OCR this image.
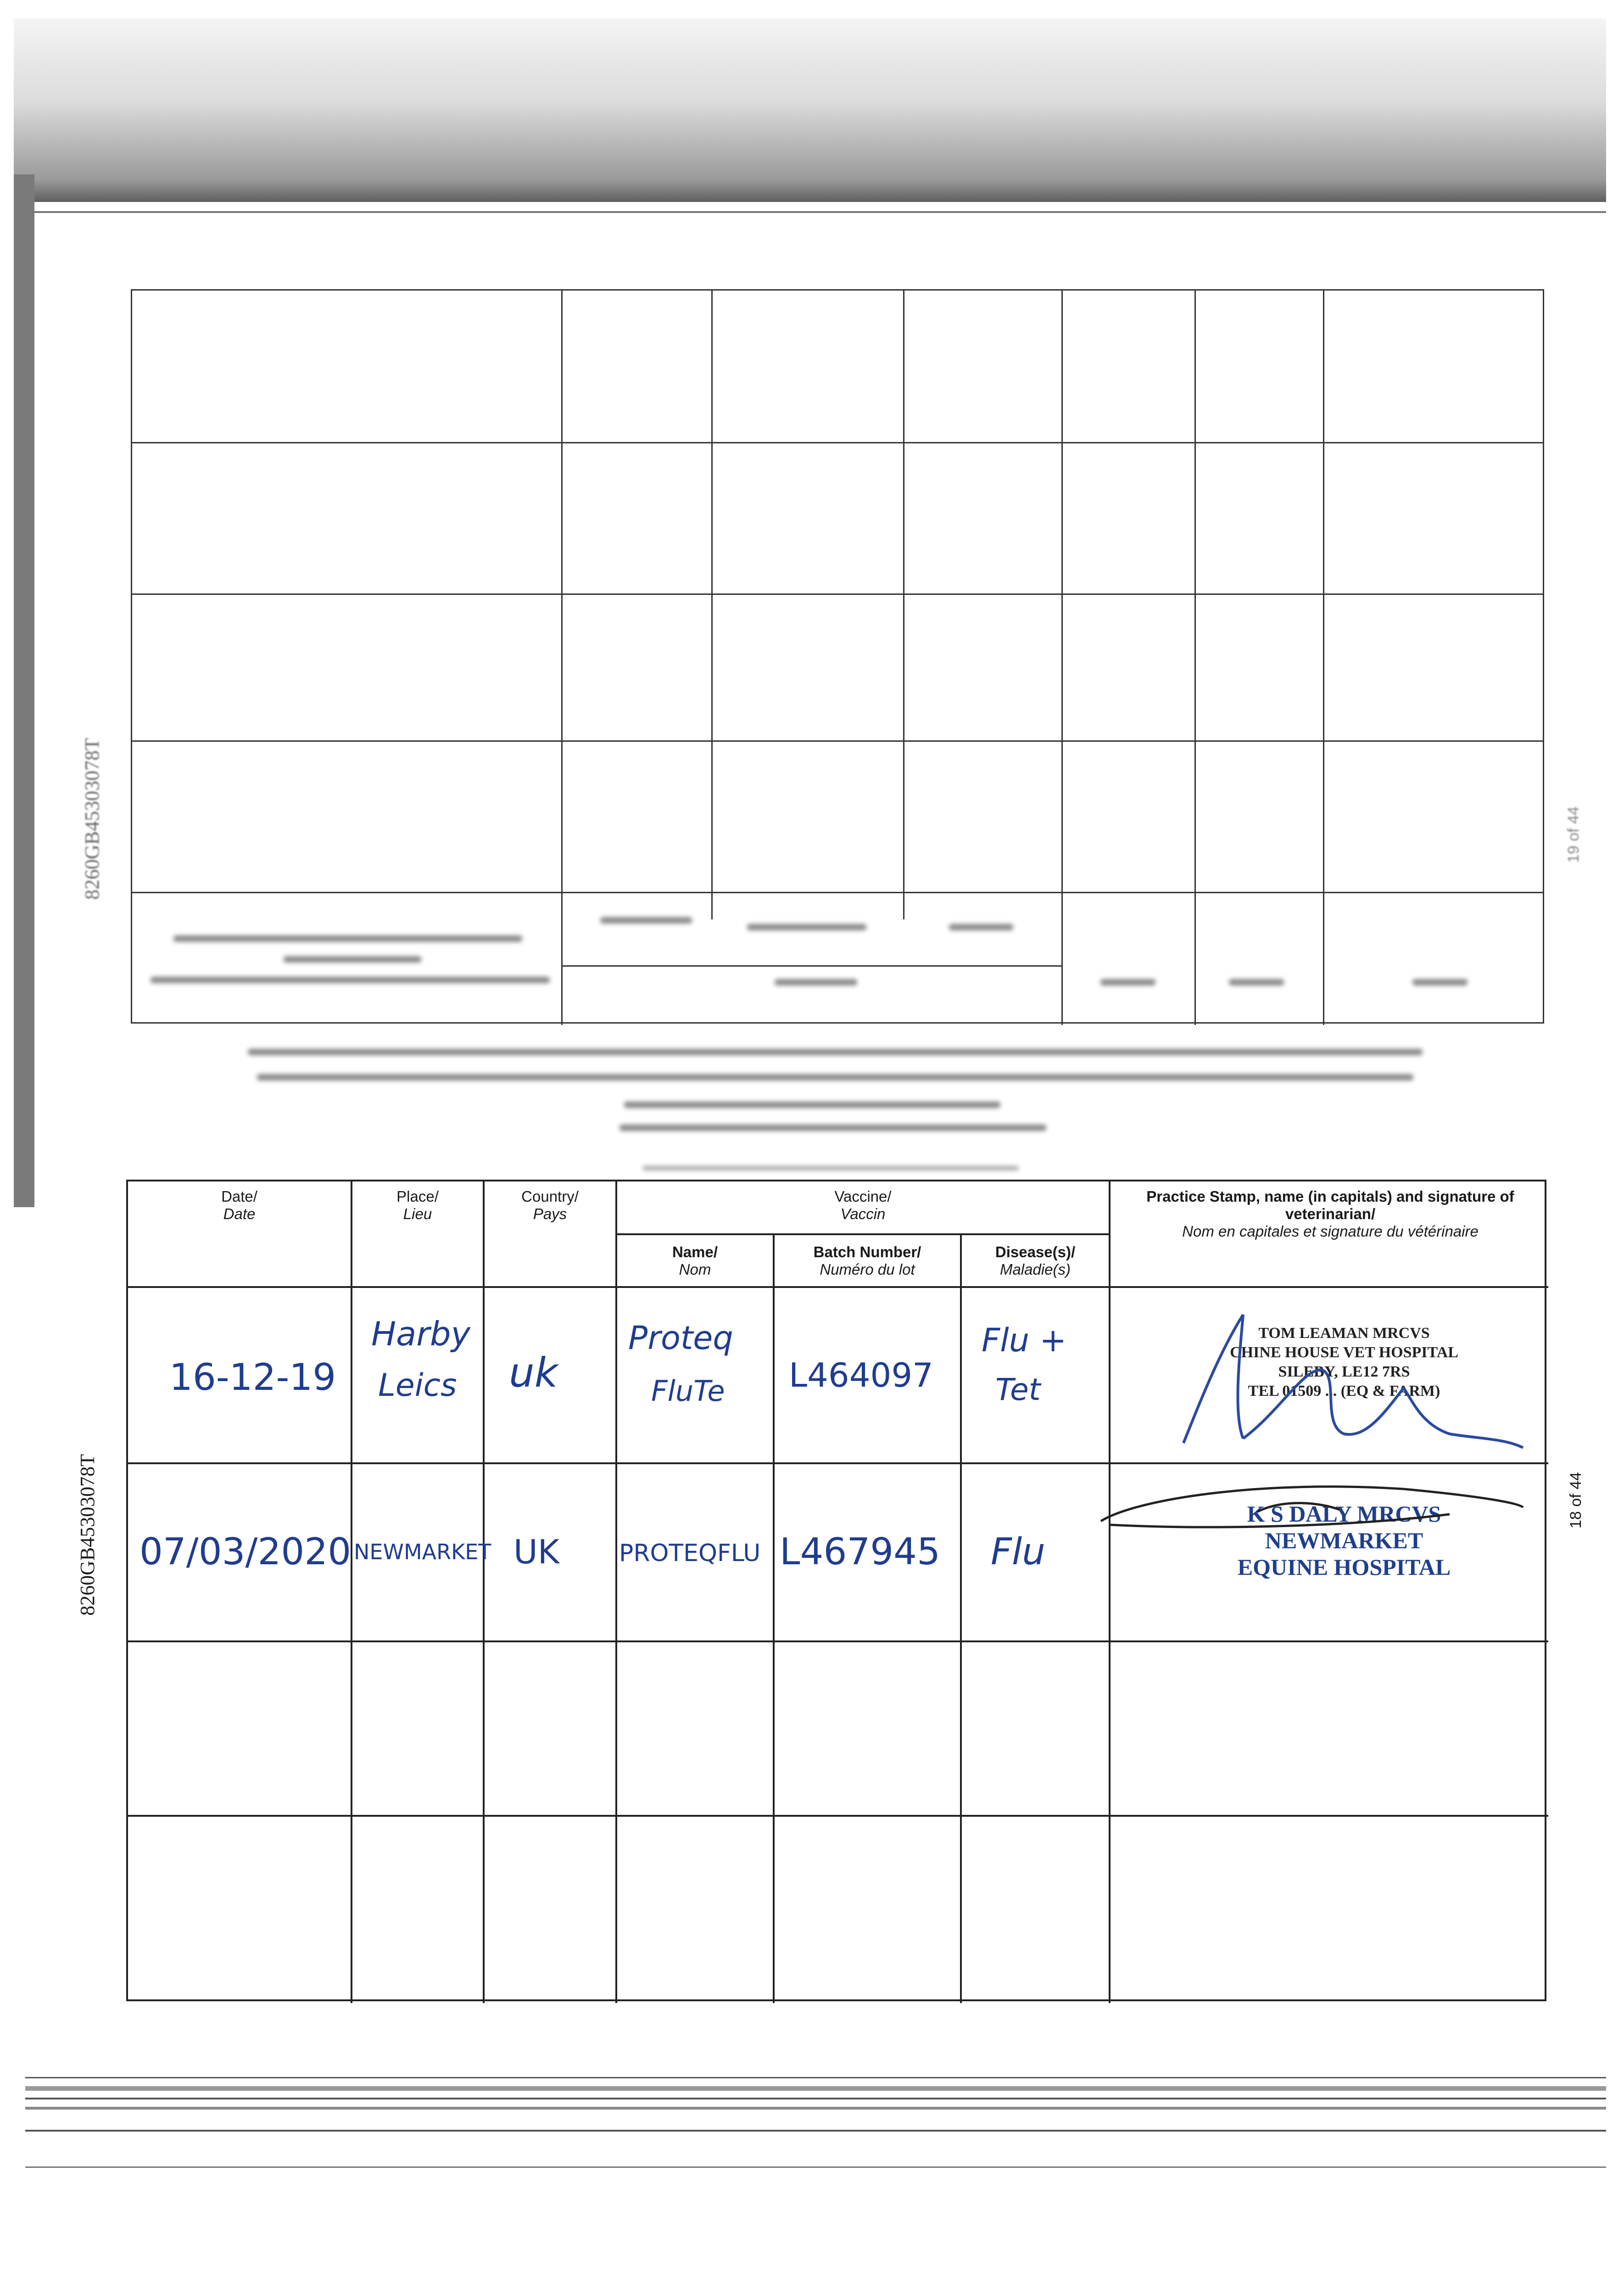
8260GB45303078T
8260GB45303078T
19 of 44
18 of 44
Date/
Date
Place/
Lieu
Country/
Pays
Vaccine/
Vaccin
Name/
Nom
Batch Number/
Numéro du lot
Disease(s)/
Maladie(s)
Practice Stamp, name (in capitals) and signature of veterinarian/
Nom en capitales et signature du vétérinaire
16-12-19
Harby
Leics uk
Proteq
FluTe L464097
Flu +
Tet
TOM LEAMAN MRCVS
CHINE HOUSE VET HOSPITAL
SILEBY, LE12 7RS
TEL 01509 ... (EQ & FARM)
07/03/2020 NEWMARKET UK	PROTEQFLU L467945 Flu
K S DALY MRCVS
NEWMARKET
EQUINE HOSPITAL
